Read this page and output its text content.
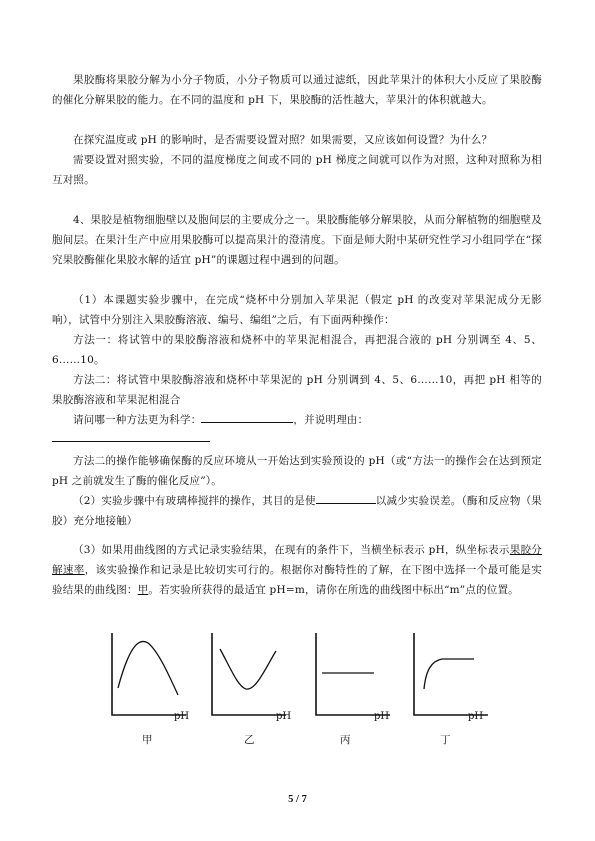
果胶酶将果胶分解为小分子物质，小分子物质可以通过滤纸，因此苹果汁的体积大小反应了果胶酶的催化分解果胶的能力。在不同的温度和 pH 下，果胶酶的活性越大，苹果汁的体积就越大。

在探究温度或 pH 的影响时，是否需要设置对照？如果需要，又应该如何设置？为什么？

需要设置对照实验，不同的温度梯度之间或不同的 pH 梯度之间就可以作为对照，这种对照称为相互对照。

4、果胶是植物细胞壁以及胞间层的主要成分之一。果胶酶能够分解果胶，从而分解植物的细胞壁及胞间层。在果汁生产中应用果胶酶可以提高果汁的澄清度。下面是师大附中某研究性学习小组同学在“探究果胶酶催化果胶水解的适宜 pH”的课题过程中遇到的问题。

（1）本课题实验步骤中，在完成“烧杯中分别加入苹果泥（假定 pH 的改变对苹果泥成分无影响），试管中分别注入果胶酶溶液、编号、编组”之后，有下面两种操作：

方法一：将试管中的果胶酶溶液和烧杯中的苹果泥相混合，再把混合液的 pH 分别调至 4、5、6……10。

方法二：将试管中果胶酶溶液和烧杯中苹果泥的 pH 分别调到 4、5、6……10，再把 pH 相等的果胶酶溶液和苹果泥相混合

请问哪一种方法更为科学：	，并说明理由：

方法二的操作能够确保酶的反应环境从一开始达到实验预设的 pH（或“方法一的操作会在达到预定 pH 之前就发生了酶的催化反应”）。

（2）实验步骤中有玻璃棒搅拌的操作，其目的是使	以减少实验误差。（酶和反应物（果胶）充分地接触）

（3）如果用曲线图的方式记录实验结果，在现有的条件下，当横坐标表示 pH，纵坐标表示果胶分解速率，该实验操作和记录是比较切实可行的。根据你对酶特性的了解，在下图中选择一个最可能是实验结果的曲线图：甲。若实验所获得的最适宜 pH=m，请你在所选的曲线图中标出“m”点的位置。

pH	pH	pH	pH
甲	乙	丙	丁
5 / 7
